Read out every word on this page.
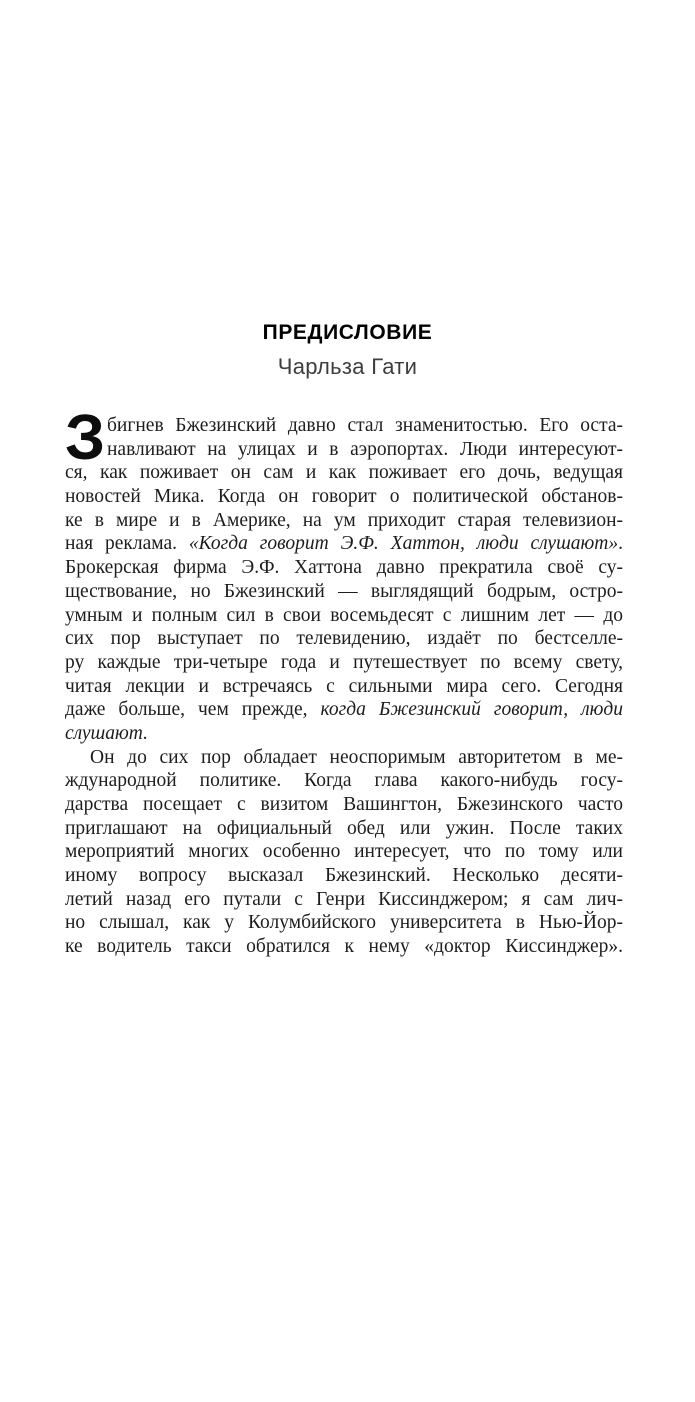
ПРЕДИСЛОВИЕ
Чарльза Гати
З бигнев Бжезинский давно стал знаменитостью. Его оста-
навливают на улицах и в аэропортах. Люди интересуют-
ся, как поживает он сам и как поживает его дочь, ведущая
новостей Мика. Когда он говорит о политической обстанов-
ке в мире и в Америке, на ум приходит старая телевизион-
ная реклама. «Когда говорит Э.Ф. Хаттон, люди слушают».
Брокерская фирма Э.Ф. Хаттона давно прекратила своё су-
ществование, но Бжезинский — выглядящий бодрым, остро-
умным и полным сил в свои восемьдесят с лишним лет — до
сих пор выступает по телевидению, издаёт по бестселле-
ру каждые три-четыре года и путешествует по всему свету,
читая лекции и встречаясь с сильными мира сего. Сегодня
даже больше, чем прежде, когда Бжезинский говорит, люди
слушают.
Он до сих пор обладает неоспоримым авторитетом в ме-
ждународной политике. Когда глава какого-нибудь госу-
дарства посещает с визитом Вашингтон, Бжезинского часто
приглашают на официальный обед или ужин. После таких
мероприятий многих особенно интересует, что по тому или
иному вопросу высказал Бжезинский. Несколько десяти-
летий назад его путали с Генри Киссинджером; я сам лич-
но слышал, как у Колумбийского университета в Нью-Йор-
ке водитель такси обратился к нему «доктор Киссинджер».
